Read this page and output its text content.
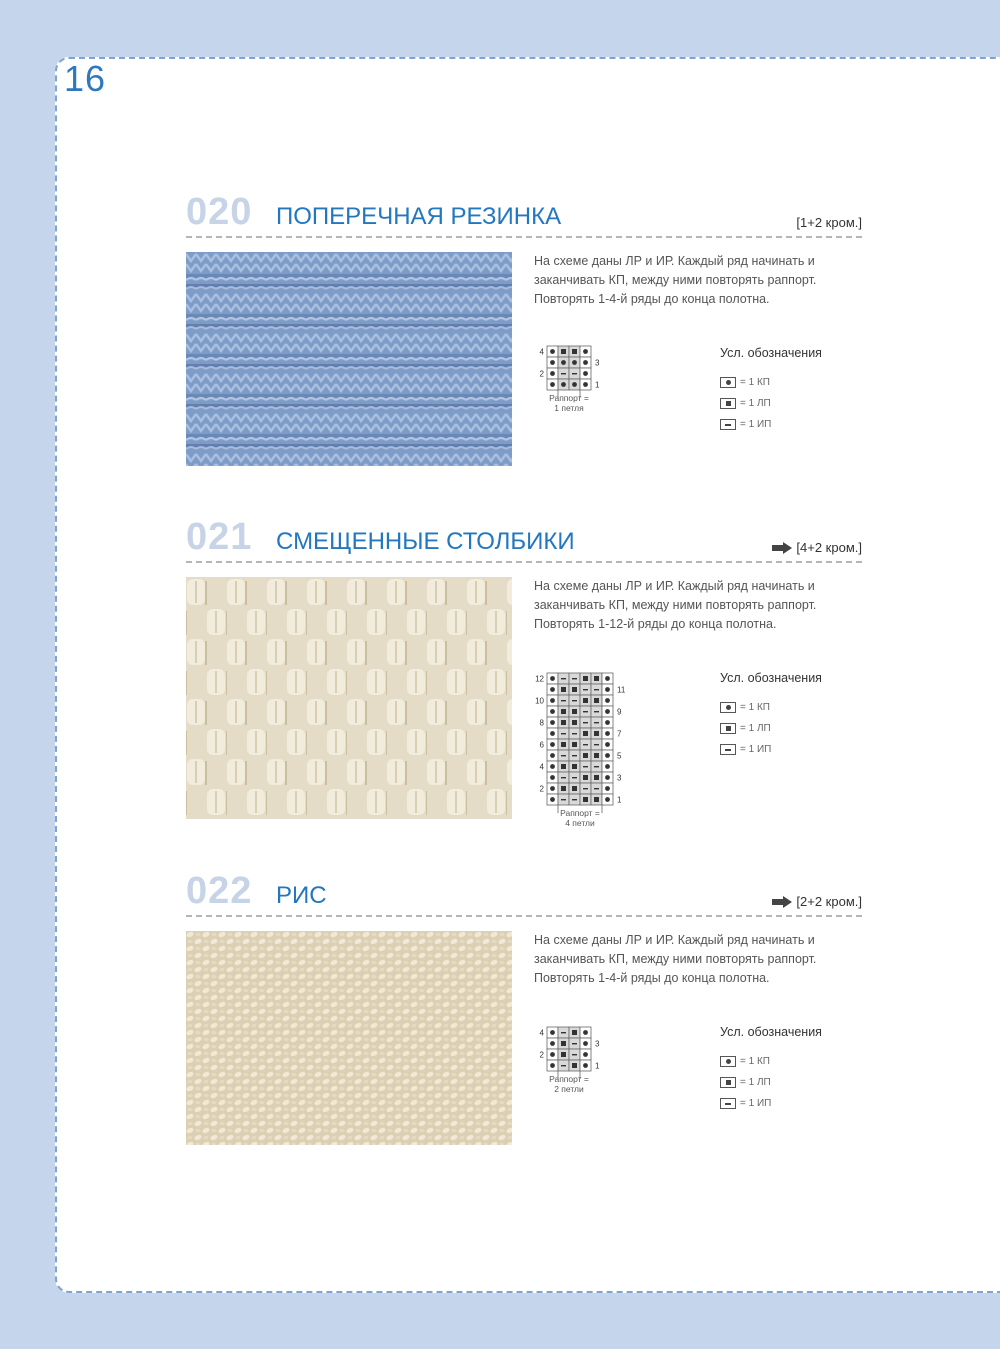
16
020 ПОПЕРЕЧНАЯ РЕЗИНКА	[1+2 кром.]
На схеме даны ЛР и ИР. Каждый ряд начинать и заканчивать КП, между ними повторять раппорт. Повторять 1-4-й ряды до конца полотна.
4
3
2
1
Раппорт =
1 петля
Усл. обозначения
= 1 КП
= 1 ЛП
= 1 ИП
021 СМЕЩЕННЫЕ СТОЛБИКИ	[4+2 кром.]
На схеме даны ЛР и ИР. Каждый ряд начинать и заканчивать КП, между ними повторять раппорт. Повторять 1-12-й ряды до конца полотна.
12
11
10
9
8
7
6
5
4
3
2
1
Раппорт =
4 петли
Усл. обозначения
= 1 КП
= 1 ЛП
= 1 ИП
022 РИС	[2+2 кром.]
На схеме даны ЛР и ИР. Каждый ряд начинать и заканчивать КП, между ними повторять раппорт. Повторять 1-4-й ряды до конца полотна.
4
3
2
1
Раппорт =
2 петли
Усл. обозначения
= 1 КП
= 1 ЛП
= 1 ИП
